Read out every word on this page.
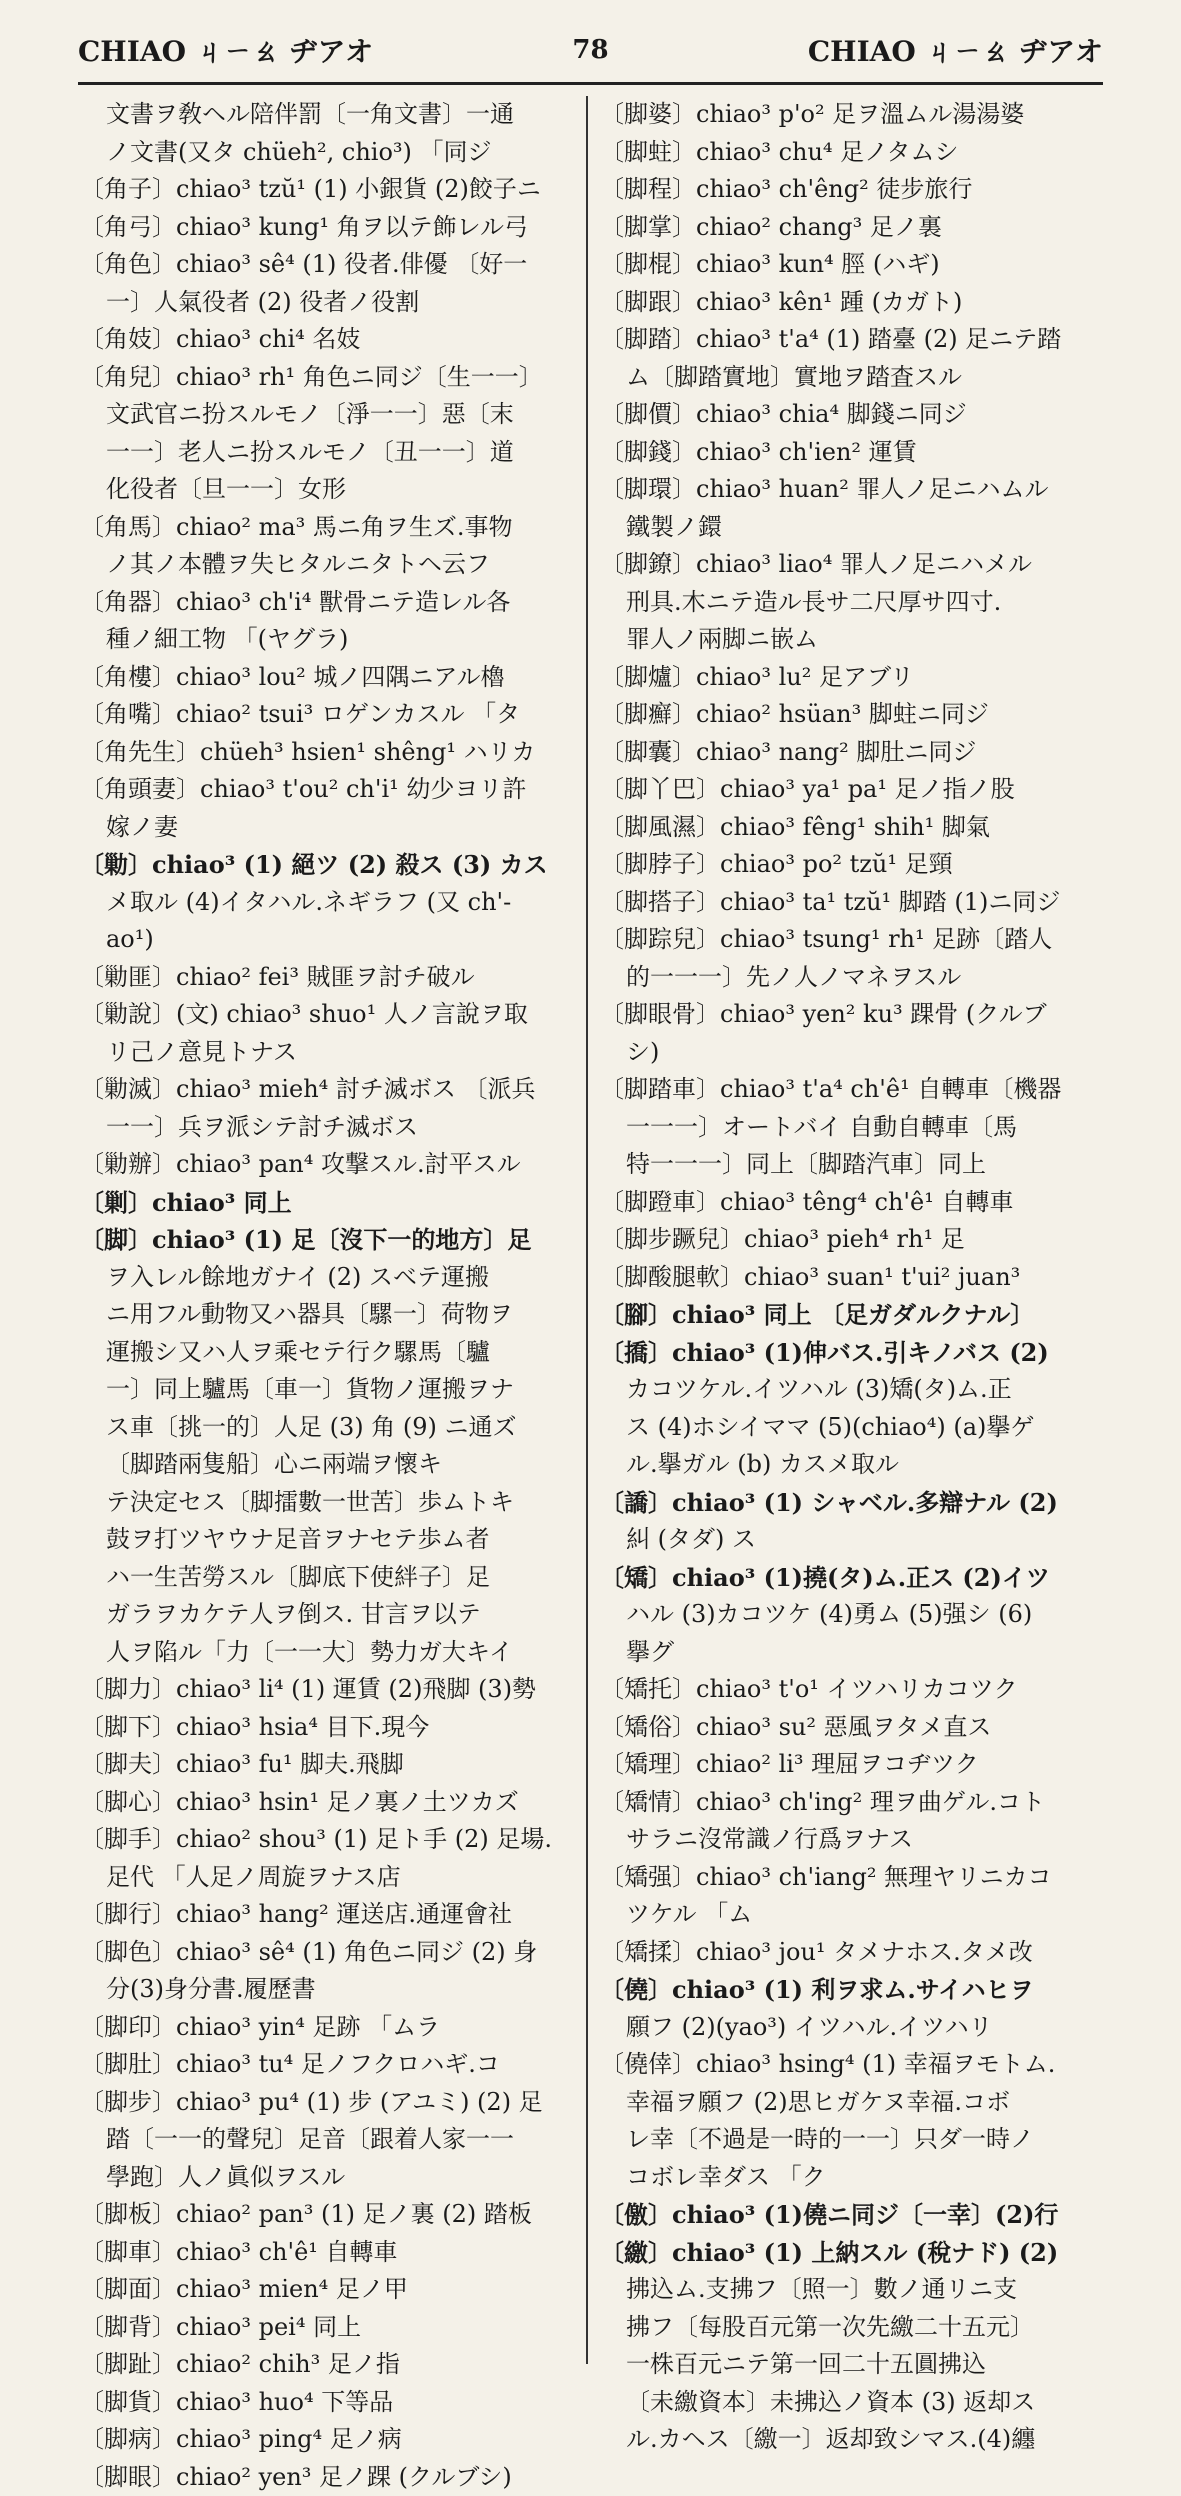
CHIAO ㄐㄧㄠ ヂアオ	78	CHIAO ㄐㄧㄠ ヂアオ
文書ヲ敎ヘル陪伴罰〔一角文書〕一通
ノ文書(又タ chüeh², chio³) 「同ジ
〔角子〕chiao³ tzŭ¹ (1) 小銀貨 (2)餃子ニ
〔角弓〕chiao³ kung¹ 角ヲ以テ飾レル弓
〔角色〕chiao³ sê⁴ (1) 役者.俳優 〔好一
一〕人氣役者 (2) 役者ノ役割
〔角妓〕chiao³ chi⁴ 名妓
〔角兒〕chiao³ rh¹ 角色ニ同ジ〔生一一〕
文武官ニ扮スルモノ〔淨一一〕惡〔末
一一〕老人ニ扮スルモノ〔丑一一〕道
化役者〔旦一一〕女形
〔角馬〕chiao² ma³ 馬ニ角ヲ生ズ.事物
ノ其ノ本體ヲ失ヒタルニタトヘ云フ
〔角器〕chiao³ ch'i⁴ 獸骨ニテ造レル各
種ノ細工物 「(ヤグラ)
〔角樓〕chiao³ lou² 城ノ四隅ニアル櫓
〔角嘴〕chiao² tsui³ ロゲンカスル 「タ
〔角先生〕chüeh³ hsien¹ shêng¹ ハリカ
〔角頭妻〕chiao³ t'ou² ch'i¹ 幼少ヨリ許
嫁ノ妻
〔勦〕chiao³ (1) 絕ツ (2) 殺ス (3) カス
メ取ル (4)イタハル.ネギラフ (又 ch'-
ao¹)
〔勦匪〕chiao² fei³ 賊匪ヲ討チ破ル
〔勦說〕(文) chiao³ shuo¹ 人ノ言說ヲ取
リ己ノ意見トナス
〔勦滅〕chiao³ mieh⁴ 討チ滅ボス 〔派兵
一一〕兵ヲ派シテ討チ滅ボス
〔勦辦〕chiao³ pan⁴ 攻撃スル.討平スル
〔剿〕chiao³ 同上
〔脚〕chiao³ (1) 足〔沒下一的地方〕足
ヲ入レル餘地ガナイ (2) スベテ運搬
ニ用フル動物又ハ器具〔騾一〕荷物ヲ
運搬シ又ハ人ヲ乘セテ行ク騾馬〔驢
一〕同上驢馬〔車一〕貨物ノ運搬ヲナ
ス車〔挑一的〕人足 (3) 角 (9) ニ通ズ
〔脚踏兩隻船〕心ニ兩端ヲ懷キ
テ決定セス〔脚擂數一世苦〕歩ムトキ
鼓ヲ打ツヤウナ足音ヲナセテ歩ム者
ハ一生苦勞スル〔脚底下使絆子〕足
ガラヲカケテ人ヲ倒ス. 甘言ヲ以テ
人ヲ陷ル「力〔一一大〕勢力ガ大キイ
〔脚力〕chiao³ li⁴ (1) 運賃 (2)飛脚 (3)勢
〔脚下〕chiao³ hsia⁴ 目下.現今
〔脚夫〕chiao³ fu¹ 脚夫.飛脚
〔脚心〕chiao³ hsin¹ 足ノ裏ノ土ツカズ
〔脚手〕chiao² shou³ (1) 足ト手 (2) 足場.
足代 「人足ノ周旋ヲナス店
〔脚行〕chiao³ hang² 運送店.通運會社
〔脚色〕chiao³ sê⁴ (1) 角色ニ同ジ (2) 身
分(3)身分書.履歷書
〔脚印〕chiao³ yin⁴ 足跡 「ムラ
〔脚肚〕chiao³ tu⁴ 足ノフクロハギ.コ
〔脚步〕chiao³ pu⁴ (1) 步 (アユミ) (2) 足
踏〔一一的聲兒〕足音〔跟着人家一一
學跑〕人ノ眞似ヲスル
〔脚板〕chiao² pan³ (1) 足ノ裏 (2) 踏板
〔脚車〕chiao³ ch'ê¹ 自轉車
〔脚面〕chiao³ mien⁴ 足ノ甲
〔脚背〕chiao³ pei⁴ 同上
〔脚趾〕chiao² chih³ 足ノ指
〔脚貨〕chiao³ huo⁴ 下等品
〔脚病〕chiao³ ping⁴ 足ノ病
〔脚眼〕chiao² yen³ 足ノ踝 (クルブシ)
〔脚婆〕chiao³ p'o² 足ヲ溫ムル湯湯婆
〔脚蛀〕chiao³ chu⁴ 足ノタムシ
〔脚程〕chiao³ ch'êng² 徒步旅行
〔脚掌〕chiao² chang³ 足ノ裏
〔脚棍〕chiao³ kun⁴ 脛 (ハギ)
〔脚跟〕chiao³ kên¹ 踵 (カガト)
〔脚踏〕chiao³ t'a⁴ (1) 踏臺 (2) 足ニテ踏
ム〔脚踏實地〕實地ヲ踏査スル
〔脚價〕chiao³ chia⁴ 脚錢ニ同ジ
〔脚錢〕chiao³ ch'ien² 運賃
〔脚環〕chiao³ huan² 罪人ノ足ニハムル
鐵製ノ鐶
〔脚鐐〕chiao³ liao⁴ 罪人ノ足ニハメル
刑具.木ニテ造ル長サ二尺厚サ四寸.
罪人ノ兩脚ニ嵌ム
〔脚爐〕chiao³ lu² 足アブリ
〔脚癬〕chiao² hsüan³ 脚蛀ニ同ジ
〔脚囊〕chiao³ nang² 脚肚ニ同ジ
〔脚丫巴〕chiao³ ya¹ pa¹ 足ノ指ノ股
〔脚風濕〕chiao³ fêng¹ shih¹ 脚氣
〔脚脖子〕chiao³ po² tzŭ¹ 足頸
〔脚搭子〕chiao³ ta¹ tzŭ¹ 脚踏 (1)ニ同ジ
〔脚踪兒〕chiao³ tsung¹ rh¹ 足跡〔踏人
的一一一〕先ノ人ノマネヲスル
〔脚眼骨〕chiao³ yen² ku³ 踝骨 (クルブ
シ)
〔脚踏車〕chiao³ t'a⁴ ch'ê¹ 自轉車〔機器
一一一〕オートバイ 自動自轉車〔馬
特一一一〕同上〔脚踏汽車〕同上
〔脚蹬車〕chiao³ têng⁴ ch'ê¹ 自轉車
〔脚步蹶兒〕chiao³ pieh⁴ rh¹ 足
〔脚酸腿軟〕chiao³ suan¹ t'ui² juan³
〔腳〕chiao³ 同上 〔足ガダルクナル〕
〔撟〕chiao³ (1)伸バス.引キノバス (2)
カコツケル.イツハル (3)矯(タ)ム.正
ス (4)ホシイママ (5)(chiao⁴) (a)擧ゲ
ル.擧ガル (b) カスメ取ル
〔譑〕chiao³ (1) シャベル.多辯ナル (2)
糾 (タダ) ス
〔矯〕chiao³ (1)撓(タ)ム.正ス (2)イツ
ハル (3)カコツケ (4)勇ム (5)强シ (6)
擧グ
〔矯托〕chiao³ t'o¹ イツハリカコツク
〔矯俗〕chiao³ su² 惡風ヲタメ直ス
〔矯理〕chiao² li³ 理屈ヲコヂツク
〔矯情〕chiao³ ch'ing² 理ヲ曲ゲル.コト
サラニ沒常識ノ行爲ヲナス
〔矯强〕chiao³ ch'iang² 無理ヤリニカコ
ツケル 「ム
〔矯揉〕chiao³ jou¹ タメナホス.タメ改
〔僥〕chiao³ (1) 利ヲ求ム.サイハヒヲ
願フ (2)(yao³) イツハル.イツハリ
〔僥倖〕chiao³ hsing⁴ (1) 幸福ヲモトム.
幸福ヲ願フ (2)思ヒガケヌ幸福.コボ
レ幸〔不過是一時的一一〕只ダ一時ノ
コボレ幸ダス 「ク
〔儌〕chiao³ (1)僥ニ同ジ〔一幸〕(2)行
〔繳〕chiao³ (1) 上納スル (稅ナド) (2)
拂込ム.支拂フ〔照一〕數ノ通リニ支
拂フ〔每股百元第一次先繳二十五元〕
一株百元ニテ第一回二十五圓拂込
〔未繳資本〕未拂込ノ資本 (3) 返却ス
ル.カヘス〔繳一〕返却致シマス.(4)纏
